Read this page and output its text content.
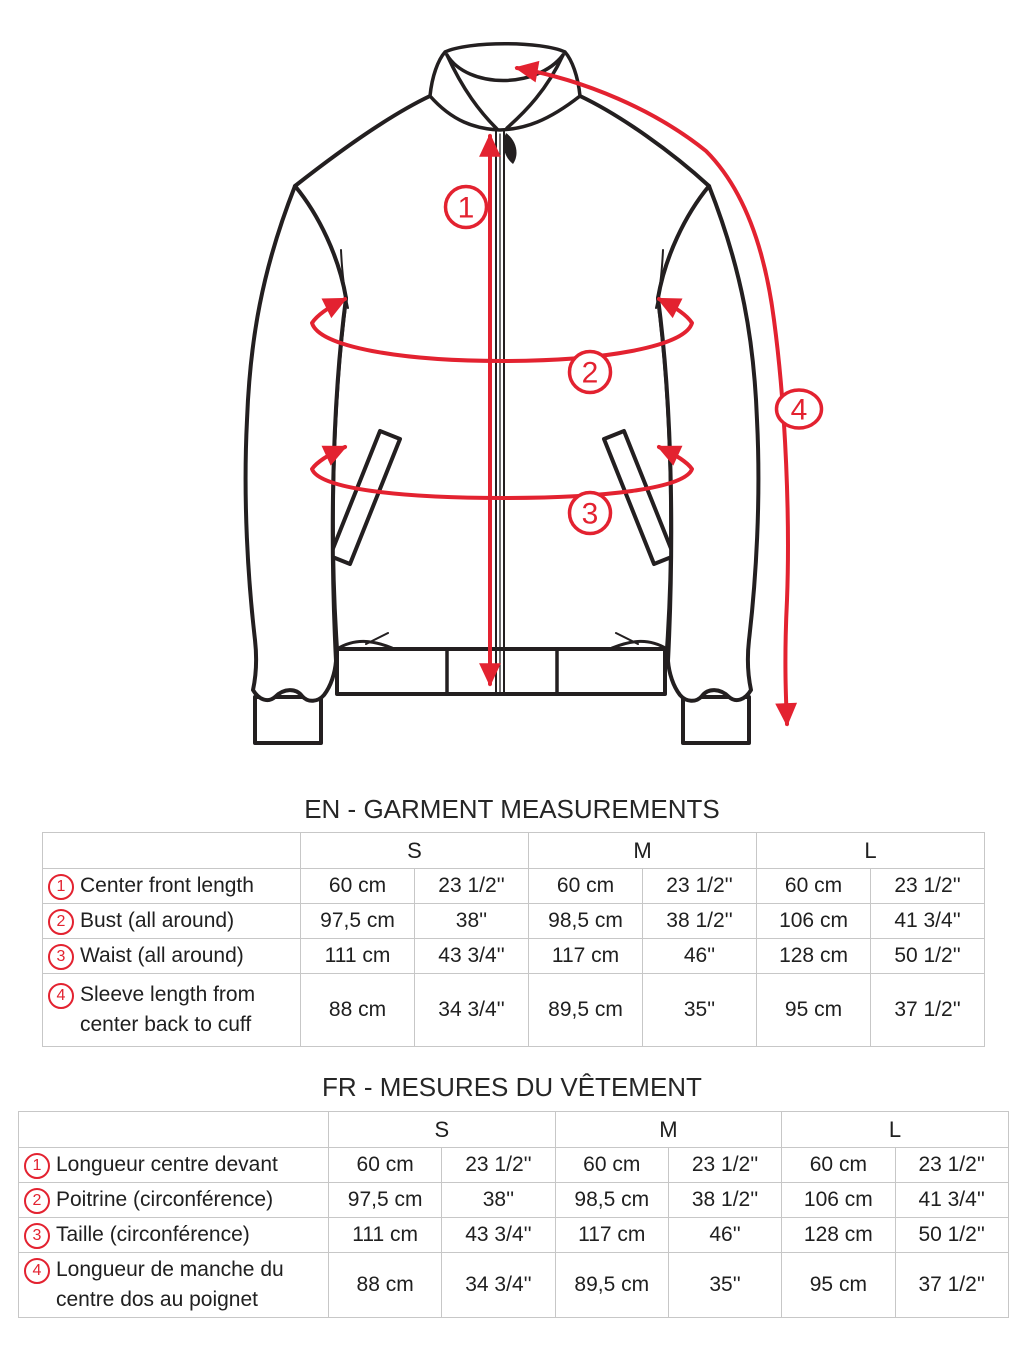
1
2
3
4
EN - GARMENT MEASUREMENTS
	S		M		L	

1 Center front length	60 cm	23 1/2''	60 cm	23 1/2''	60 cm	23 1/2''

2 Bust (all around)	97,5 cm	38''	98,5 cm	38 1/2''	106 cm	41 3/4''

3 Waist (all around)	111 cm	43 3/4''	117 cm	46''	128 cm	50 1/2''

4 Sleeve length from center back to cuff	88 cm	34 3/4''	89,5 cm	35''	95 cm	37 1/2''
FR - MESURES DU VÊTEMENT
	S		M		L	

1 Longueur centre devant	60 cm	23 1/2''	60 cm	23 1/2''	60 cm	23 1/2''

2 Poitrine (circonférence)	97,5 cm	38''	98,5 cm	38 1/2''	106 cm	41 3/4''

3 Taille (circonférence)	111 cm	43 3/4''	117 cm	46''	128 cm	50 1/2''

4 Longueur de manche du centre dos au poignet	88 cm	34 3/4''	89,5 cm	35''	95 cm	37 1/2''
